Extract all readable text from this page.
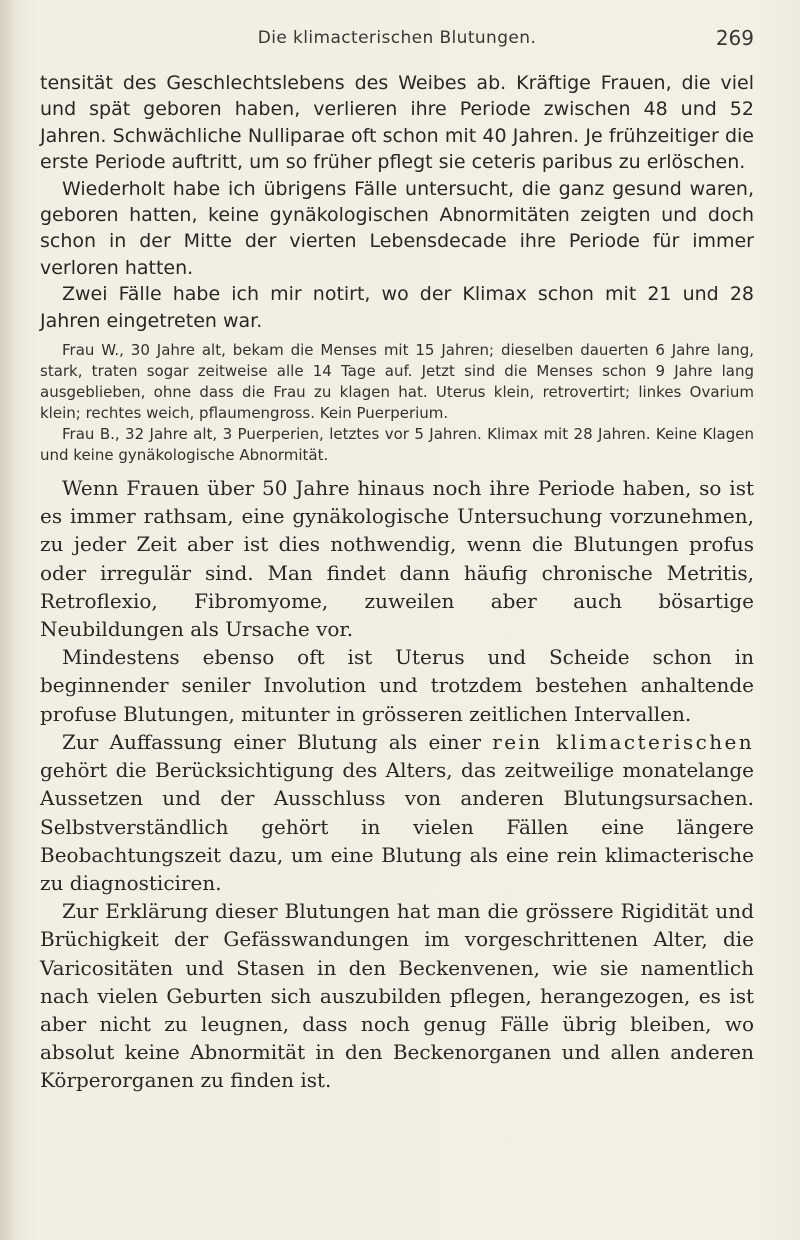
Die klimacterischen Blutungen.	269

tensität des Geschlechtslebens des Weibes ab. Kräftige Frauen, die viel und spät geboren haben, verlieren ihre Periode zwischen 48 und 52 Jahren. Schwächliche Nulliparae oft schon mit 40 Jahren. Je frühzeitiger die erste Periode auftritt, um so früher pflegt sie ceteris paribus zu erlöschen.

Wiederholt habe ich übrigens Fälle untersucht, die ganz gesund waren, geboren hatten, keine gynäkologischen Abnormitäten zeigten und doch schon in der Mitte der vierten Lebensdecade ihre Periode für immer verloren hatten.

Zwei Fälle habe ich mir notirt, wo der Klimax schon mit 21 und 28 Jahren eingetreten war.

Frau W., 30 Jahre alt, bekam die Menses mit 15 Jahren; dieselben dauerten 6 Jahre lang, stark, traten sogar zeitweise alle 14 Tage auf. Jetzt sind die Menses schon 9 Jahre lang ausgeblieben, ohne dass die Frau zu klagen hat. Uterus klein, retrovertirt; linkes Ovarium klein; rechtes weich, pflaumengross. Kein Puerperium.

Frau B., 32 Jahre alt, 3 Puerperien, letztes vor 5 Jahren. Klimax mit 28 Jahren. Keine Klagen und keine gynäkologische Abnormität.

Wenn Frauen über 50 Jahre hinaus noch ihre Periode haben, so ist es immer rathsam, eine gynäkologische Untersuchung vorzunehmen, zu jeder Zeit aber ist dies nothwendig, wenn die Blutungen profus oder irregulär sind. Man findet dann häufig chronische Metritis, Retroflexio, Fibromyome, zuweilen aber auch bösartige Neubildungen als Ursache vor.

Mindestens ebenso oft ist Uterus und Scheide schon in beginnender seniler Involution und trotzdem bestehen anhaltende profuse Blutungen, mitunter in grösseren zeitlichen Intervallen.

Zur Auffassung einer Blutung als einer rein klimacterischen gehört die Berücksichtigung des Alters, das zeitweilige monatelange Aussetzen und der Ausschluss von anderen Blutungsursachen. Selbstverständlich gehört in vielen Fällen eine längere Beobachtungszeit dazu, um eine Blutung als eine rein klimacterische zu diagnosticiren.

Zur Erklärung dieser Blutungen hat man die grössere Rigidität und Brüchigkeit der Gefässwandungen im vorgeschrittenen Alter, die Varicositäten und Stasen in den Beckenvenen, wie sie namentlich nach vielen Geburten sich auszubilden pflegen, herangezogen, es ist aber nicht zu leugnen, dass noch genug Fälle übrig bleiben, wo absolut keine Abnormität in den Beckenorganen und allen anderen Körperorganen zu finden ist.
